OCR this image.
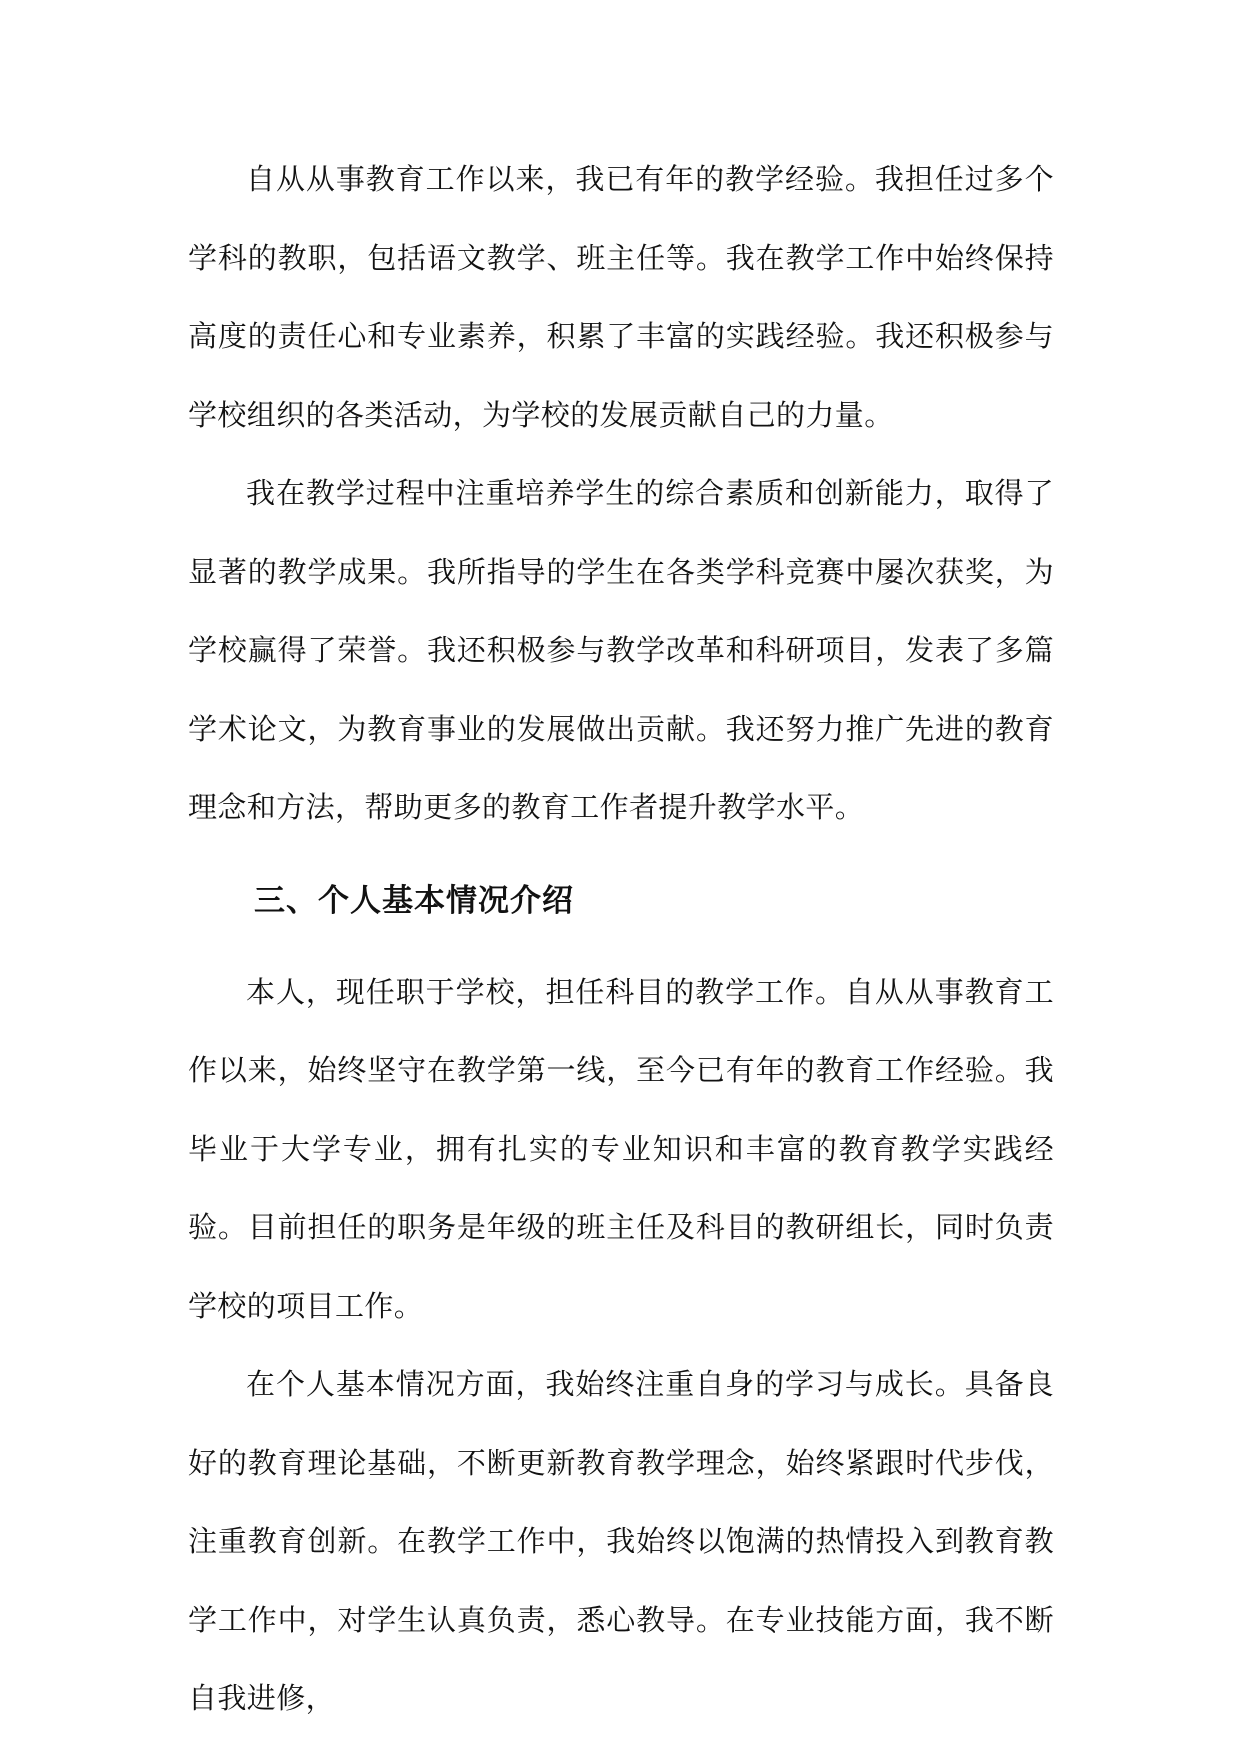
自从从事教育工作以来，我已有年的教学经验。我担任过多个学科的教职，包括语文教学、班主任等。我在教学工作中始终保持高度的责任心和专业素养，积累了丰富的实践经验。我还积极参与学校组织的各类活动，为学校的发展贡献自己的力量。

我在教学过程中注重培养学生的综合素质和创新能力，取得了显著的教学成果。我所指导的学生在各类学科竞赛中屡次获奖，为学校赢得了荣誉。我还积极参与教学改革和科研项目，发表了多篇学术论文，为教育事业的发展做出贡献。我还努力推广先进的教育理念和方法，帮助更多的教育工作者提升教学水平。

三、个人基本情况介绍

本人，现任职于学校，担任科目的教学工作。自从从事教育工作以来，始终坚守在教学第一线，至今已有年的教育工作经验。我毕业于大学专业，拥有扎实的专业知识和丰富的教育教学实践经验。目前担任的职务是年级的班主任及科目的教研组长，同时负责学校的项目工作。

在个人基本情况方面，我始终注重自身的学习与成长。具备良好的教育理论基础，不断更新教育教学理念，始终紧跟时代步伐，注重教育创新。在教学工作中，我始终以饱满的热情投入到教育教学工作中，对学生认真负责，悉心教导。在专业技能方面，我不断自我进修，
